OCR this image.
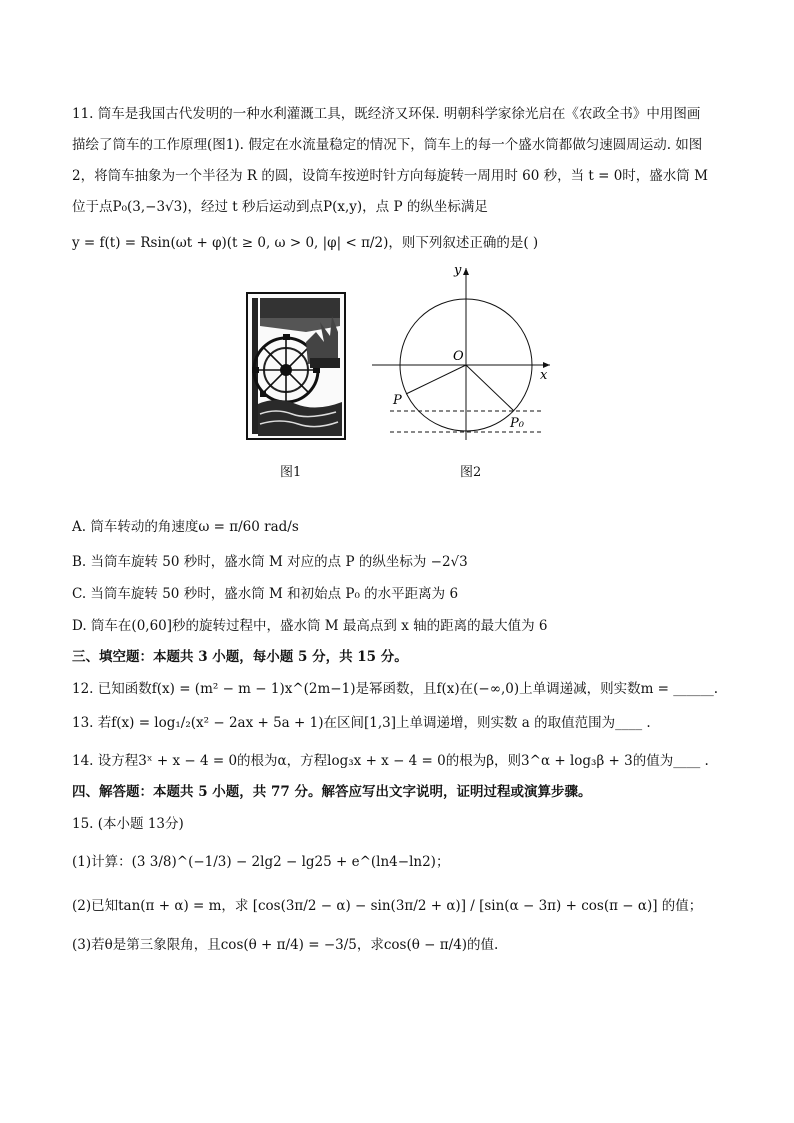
11. 筒车是我国古代发明的一种水利灌溉工具，既经济又环保. 明朝科学家徐光启在《农政全书》中用图画
描绘了筒车的工作原理(图1). 假定在水流量稳定的情况下，筒车上的每一个盛水筒都做匀速圆周运动. 如图
2，将筒车抽象为一个半径为 R 的圆，设筒车按逆时针方向每旋转一周用时 60 秒，当 t = 0时，盛水筒 M
位于点P₀(3,−3√3)，经过 t 秒后运动到点P(x,y)，点 P 的纵坐标满足
y = f(t) = Rsin(ωt + φ)(t ≥ 0, ω > 0, |φ| < π/2)，则下列叙述正确的是( )
图1
y
x
O
P
P₀
图2
A. 筒车转动的角速度ω = π/60 rad/s
B. 当筒车旋转 50 秒时，盛水筒 M 对应的点 P 的纵坐标为 −2√3
C. 当筒车旋转 50 秒时，盛水筒 M 和初始点 P₀ 的水平距离为 6
D. 筒车在(0,60]秒的旋转过程中，盛水筒 M 最高点到 x 轴的距离的最大值为 6
三、填空题：本题共 3 小题，每小题 5 分，共 15 分。
12. 已知函数f(x) = (m² − m − 1)x^(2m−1)是幂函数，且f(x)在(−∞,0)上单调递减，则实数m = ______.
13. 若f(x) = log₁/₂(x² − 2ax + 5a + 1)在区间[1,3]上单调递增，则实数 a 的取值范围为____ .
14. 设方程3ˣ + x − 4 = 0的根为α，方程log₃x + x − 4 = 0的根为β，则3^α + log₃β + 3的值为____ .
四、解答题：本题共 5 小题，共 77 分。解答应写出文字说明，证明过程或演算步骤。
15. (本小题 13分)
(1)计算：(3 3/8)^(−1/3) − 2lg2 − lg25 + e^(ln4−ln2)；
(2)已知tan(π + α) = m，求 [cos(3π/2 − α) − sin(3π/2 + α)] / [sin(α − 3π) + cos(π − α)] 的值；
(3)若θ是第三象限角，且cos(θ + π/4) = −3/5，求cos(θ − π/4)的值.
